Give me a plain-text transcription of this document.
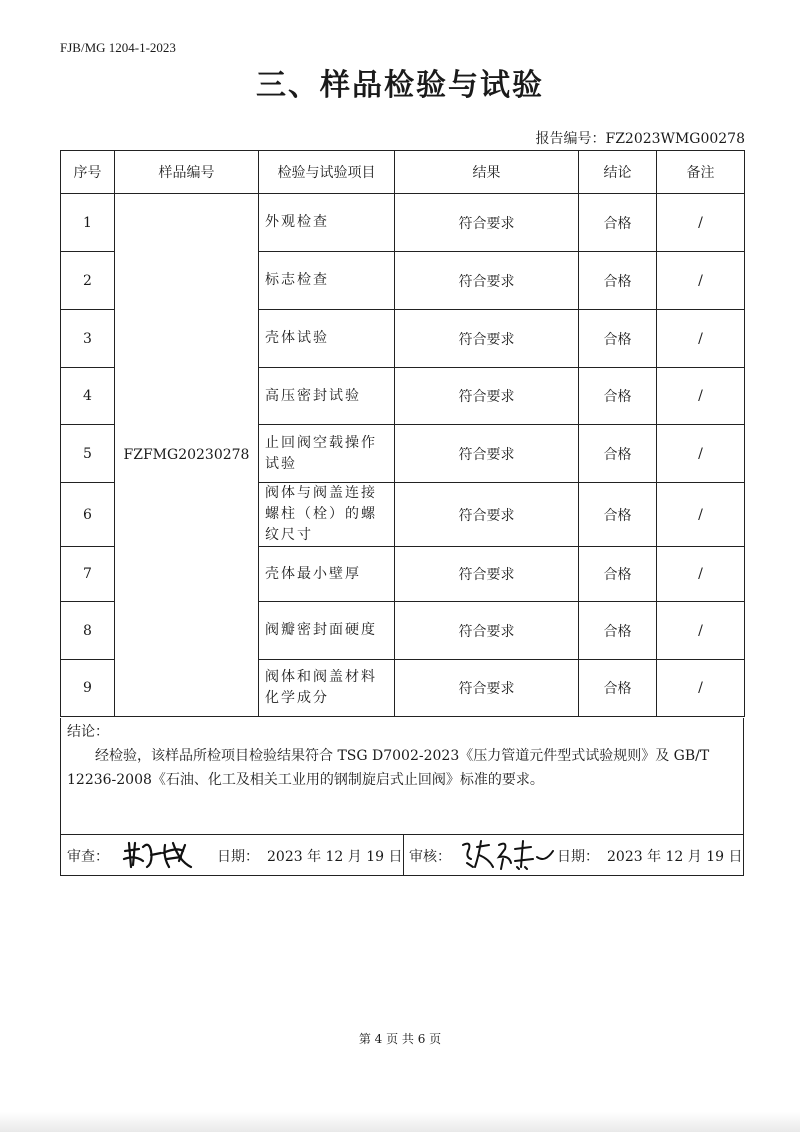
FJB/MG 1204-1-2023
三、样品检验与试验
报告编号：FZ2023WMG00278
序号	样品编号	检验与试验项目	结果	结论	备注
1	FZFMG20230278	外观检查	符合要求	合格	/
2		标志检查	符合要求	合格	/
3		壳体试验	符合要求	合格	/
4		高压密封试验	符合要求	合格	/
5		止回阀空载操作试验	符合要求	合格	/
6		阀体与阀盖连接螺柱（栓）的螺纹尺寸	符合要求	合格	/
7		壳体最小壁厚	符合要求	合格	/
8		阀瓣密封面硬度	符合要求	合格	/
9		阀体和阀盖材料化学成分	符合要求	合格	/
结论：
经检验，该样品所检项目检验结果符合 TSG D7002-2023《压力管道元件型式试验规则》及 GB/T 12236-2008《石油、化工及相关工业用的钢制旋启式止回阀》标准的要求。
审查：	日期： 2023 年 12 月 19 日 审核：	日期： 2023 年 12 月 19 日
第 4 页 共 6 页
